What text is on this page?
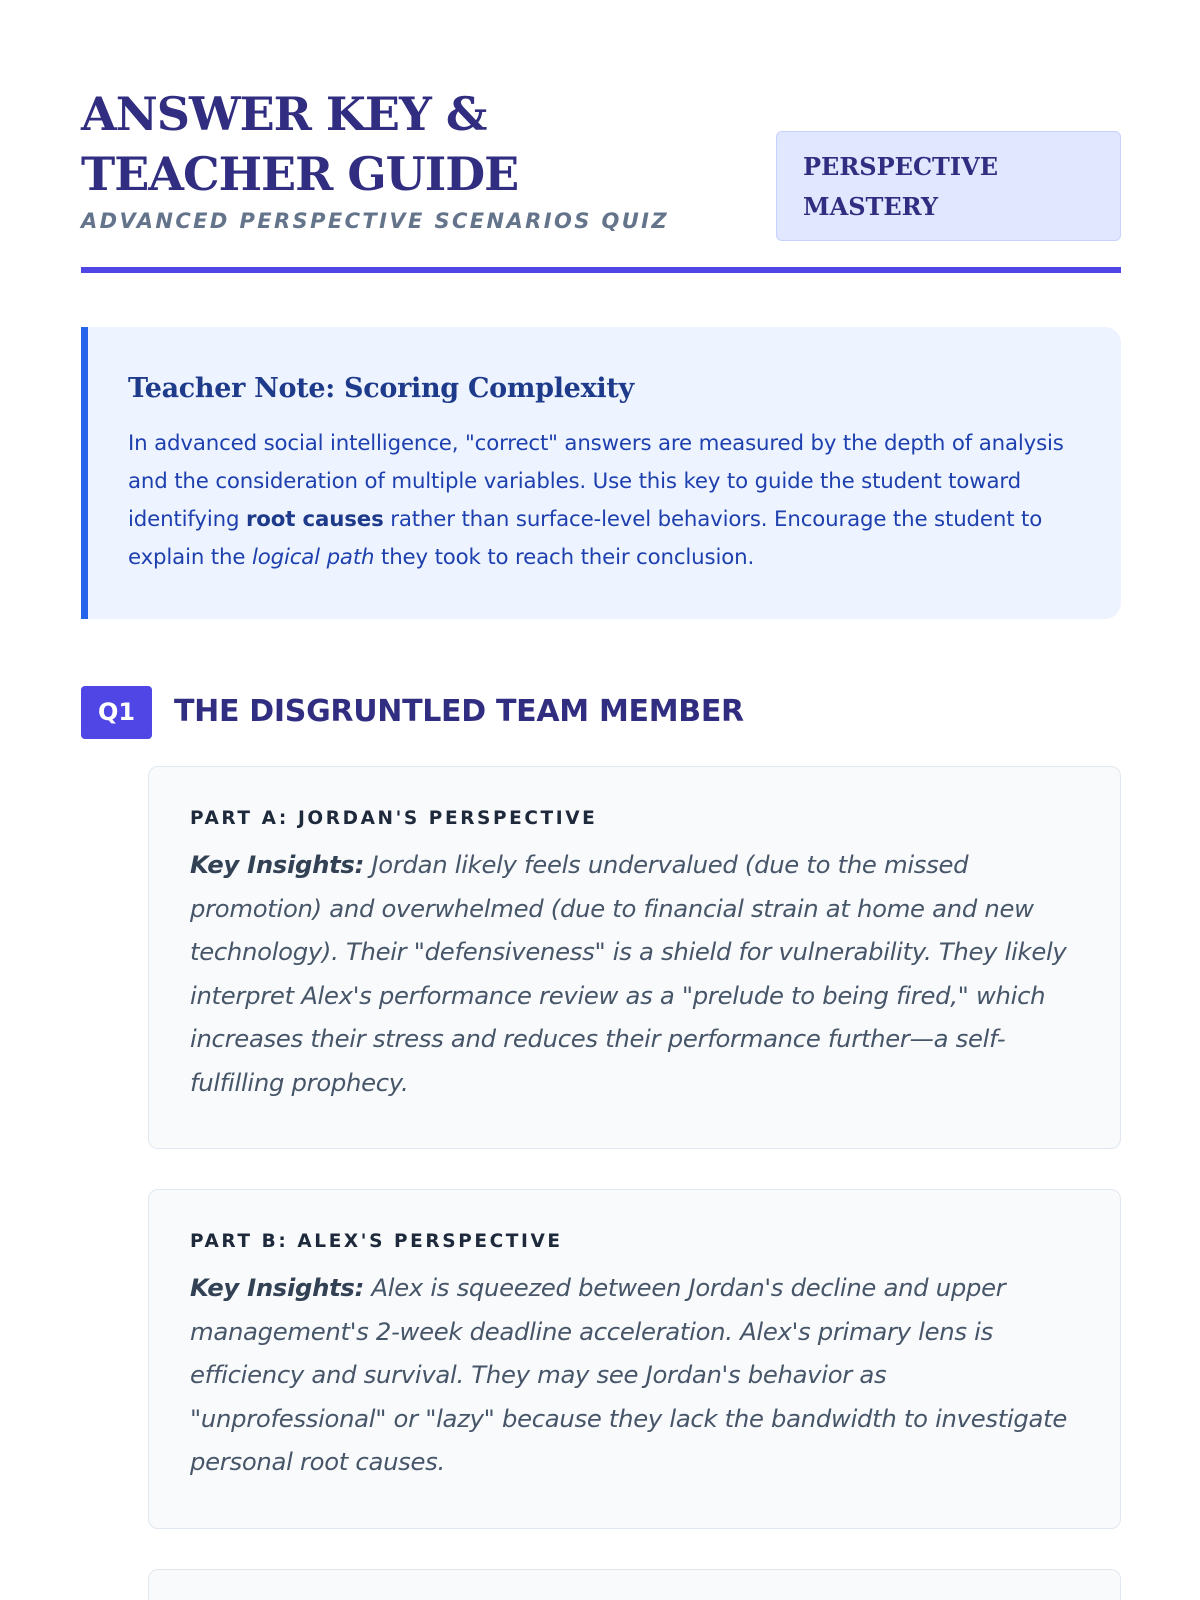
ANSWER KEY & TEACHER GUIDE
ADVANCED PERSPECTIVE SCENARIOS QUIZ
PERSPECTIVE MASTERY
Teacher Note: Scoring Complexity

In advanced social intelligence, "correct" answers are measured by the depth of analysis and the consideration of multiple variables. Use this key to guide the student toward identifying root causes rather than surface-level behaviors. Encourage the student to explain the logical path they took to reach their conclusion.

Q1	THE DISGRUNTLED TEAM MEMBER
PART A: JORDAN'S PERSPECTIVE

Key Insights: Jordan likely feels undervalued (due to the missed promotion) and overwhelmed (due to financial strain at home and new technology). Their "defensiveness" is a shield for vulnerability. They likely interpret Alex's performance review as a "prelude to being fired," which increases their stress and reduces their performance further—a self-fulfilling prophecy.

PART B: ALEX'S PERSPECTIVE

Key Insights: Alex is squeezed between Jordan's decline and upper management's 2-week deadline acceleration. Alex's primary lens is efficiency and survival. They may see Jordan's behavior as "unprofessional" or "lazy" because they lack the bandwidth to investigate personal root causes.
